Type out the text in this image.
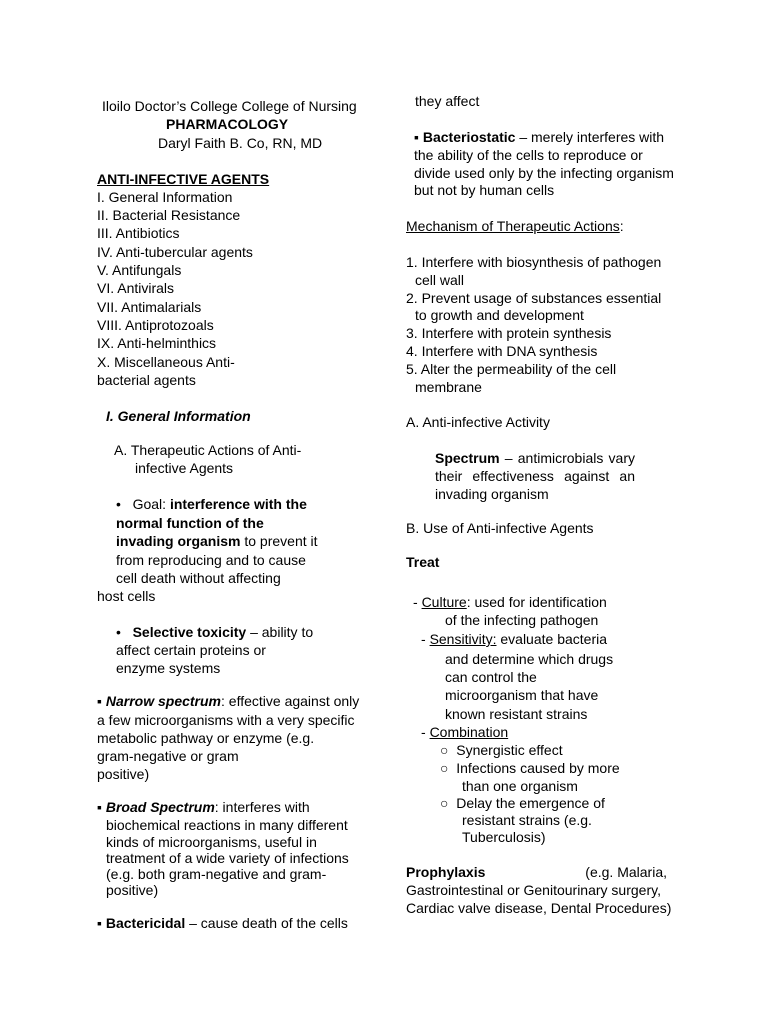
Iloilo Doctor’s College College of Nursing
PHARMACOLOGY
Daryl Faith B. Co, RN, MD
ANTI-INFECTIVE AGENTS
I. General Information
II. Bacterial Resistance
III. Antibiotics
IV. Anti-tubercular agents
V. Antifungals
VI. Antivirals
VII. Antimalarials
VIII. Antiprotozoals
IX. Anti-helminthics
X. Miscellaneous Anti-
bacterial agents
I. General Information
A. Therapeutic Actions of Anti-
infective Agents
• Goal: interference with the
normal function of the
invading organism to prevent it
from reproducing and to cause
cell death without affecting
host cells
• Selective toxicity – ability to
affect certain proteins or
enzyme systems
▪ Narrow spectrum: effective against only
a few microorganisms with a very specific
metabolic pathway or enzyme (e.g.
gram-negative or gram
positive)
▪ Broad Spectrum: interferes with
biochemical reactions in many different
kinds of microorganisms, useful in
treatment of a wide variety of infections
(e.g. both gram-negative and gram-
positive)
▪ Bactericidal – cause death of the cells
they affect
▪ Bacteriostatic – merely interferes with
the ability of the cells to reproduce or
divide used only by the infecting organism
but not by human cells
Mechanism of Therapeutic Actions:
1. Interfere with biosynthesis of pathogen
cell wall
2. Prevent usage of substances essential
to growth and development
3. Interfere with protein synthesis
4. Interfere with DNA synthesis
5. Alter the permeability of the cell
membrane
A. Anti-infective Activity
Spectrum – antimicrobials vary
their effectiveness against an
invading organism
B. Use of Anti-infective Agents
Treat
- Culture: used for identification
of the infecting pathogen
- Sensitivity: evaluate bacteria
and determine which drugs
can control the
microorganism that have
known resistant strains
- Combination
○ Synergistic effect
○ Infections caused by more
than one organism
○ Delay the emergence of
resistant strains (e.g.
Tuberculosis)
Prophylaxis	(e.g. Malaria,
Gastrointestinal or Genitourinary surgery,
Cardiac valve disease, Dental Procedures)
